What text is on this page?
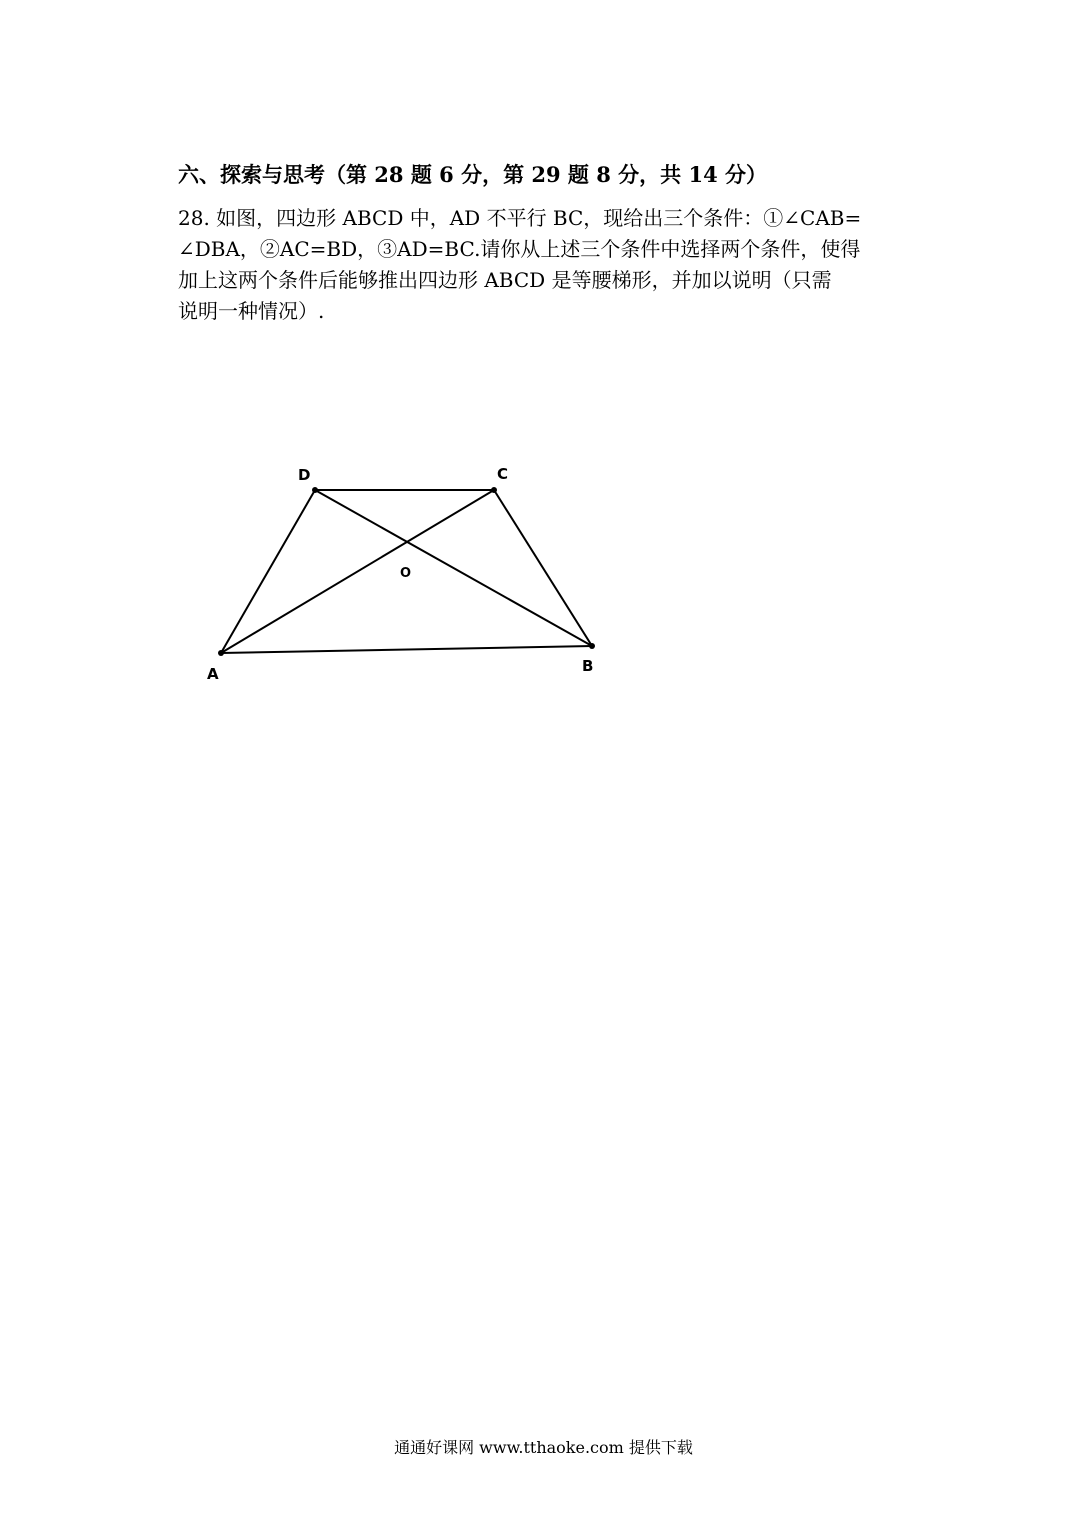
六、探索与思考（第 28 题 6 分，第 29 题 8 分，共 14 分）

28. 如图，四边形 ABCD 中，AD 不平行 BC，现给出三个条件：①∠CAB=

∠DBA，②AC=BD，③AD=BC.请你从上述三个条件中选择两个条件，使得

加上这两个条件后能够推出四边形 ABCD 是等腰梯形，并加以说明（只需

说明一种情况）.

D	C
A	B
O
通通好课网 www.tthaoke.com 提供下载
